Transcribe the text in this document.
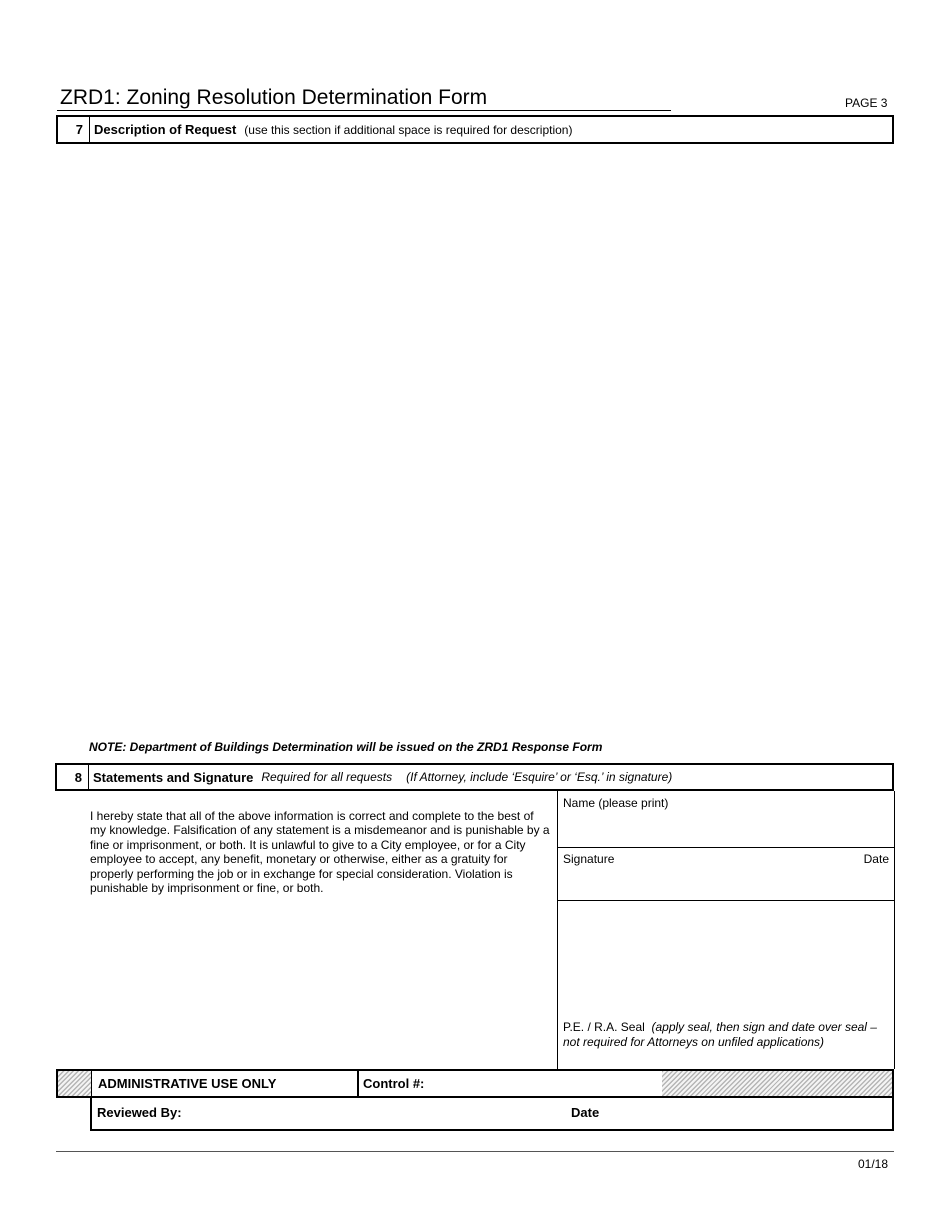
ZRD1: Zoning Resolution Determination Form	PAGE 3
7 Description of Request (use this section if additional space is required for description)
NOTE: Department of Buildings Determination will be issued on the ZRD1 Response Form
8 Statements and Signature Required for all requests (If Attorney, include ‘Esquire’ or ‘Esq.’ in signature)
I hereby state that all of the above information is correct and complete to the best of my knowledge. Falsification of any statement is a misdemeanor and is punishable by a fine or imprisonment, or both. It is unlawful to give to a City employee, or for a City employee to accept, any benefit, monetary or otherwise, either as a gratuity for properly performing the job or in exchange for special consideration. Violation is punishable by imprisonment or fine, or both.
Name (please print)
Signature	Date
P.E. / R.A. Seal (apply seal, then sign and date over seal – not required for Attorneys on unfiled applications)
ADMINISTRATIVE USE ONLY	Control #:
Reviewed By:	Date
01/18
